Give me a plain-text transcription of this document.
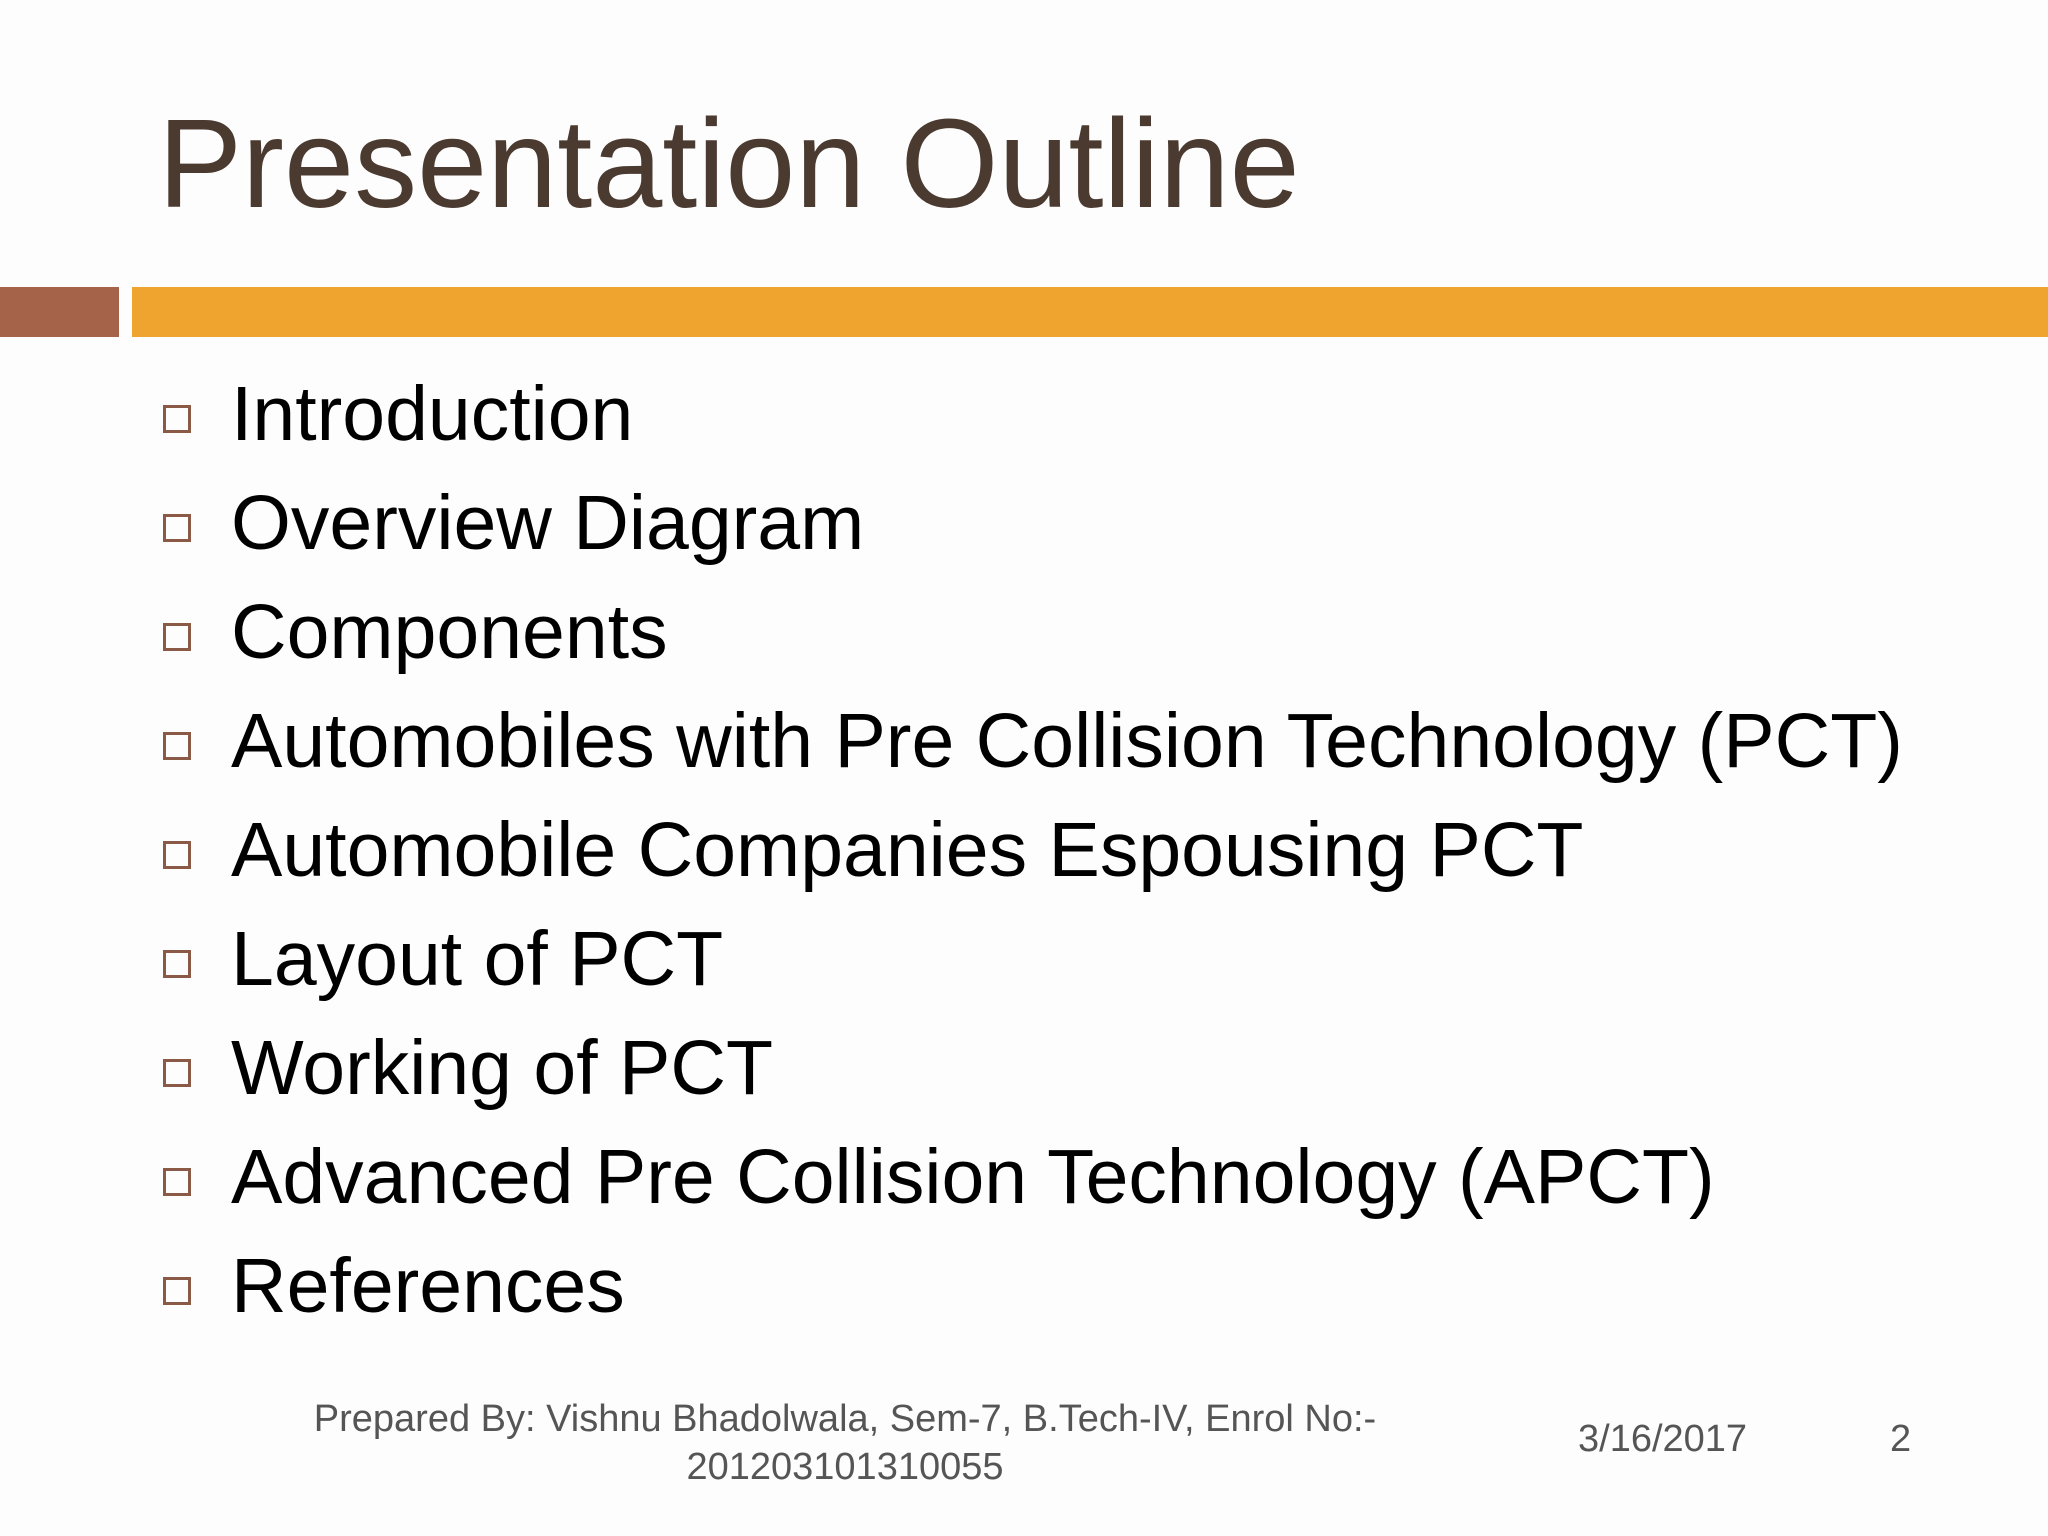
Presentation Outline
Introduction
Overview Diagram
Components
Automobiles with Pre Collision Technology (PCT)
Automobile Companies Espousing PCT
Layout of PCT
Working of PCT
Advanced Pre Collision Technology (APCT)
References
Prepared By: Vishnu Bhadolwala, Sem-7, B.Tech-IV, Enrol No:-
201203101310055
3/16/2017	2
